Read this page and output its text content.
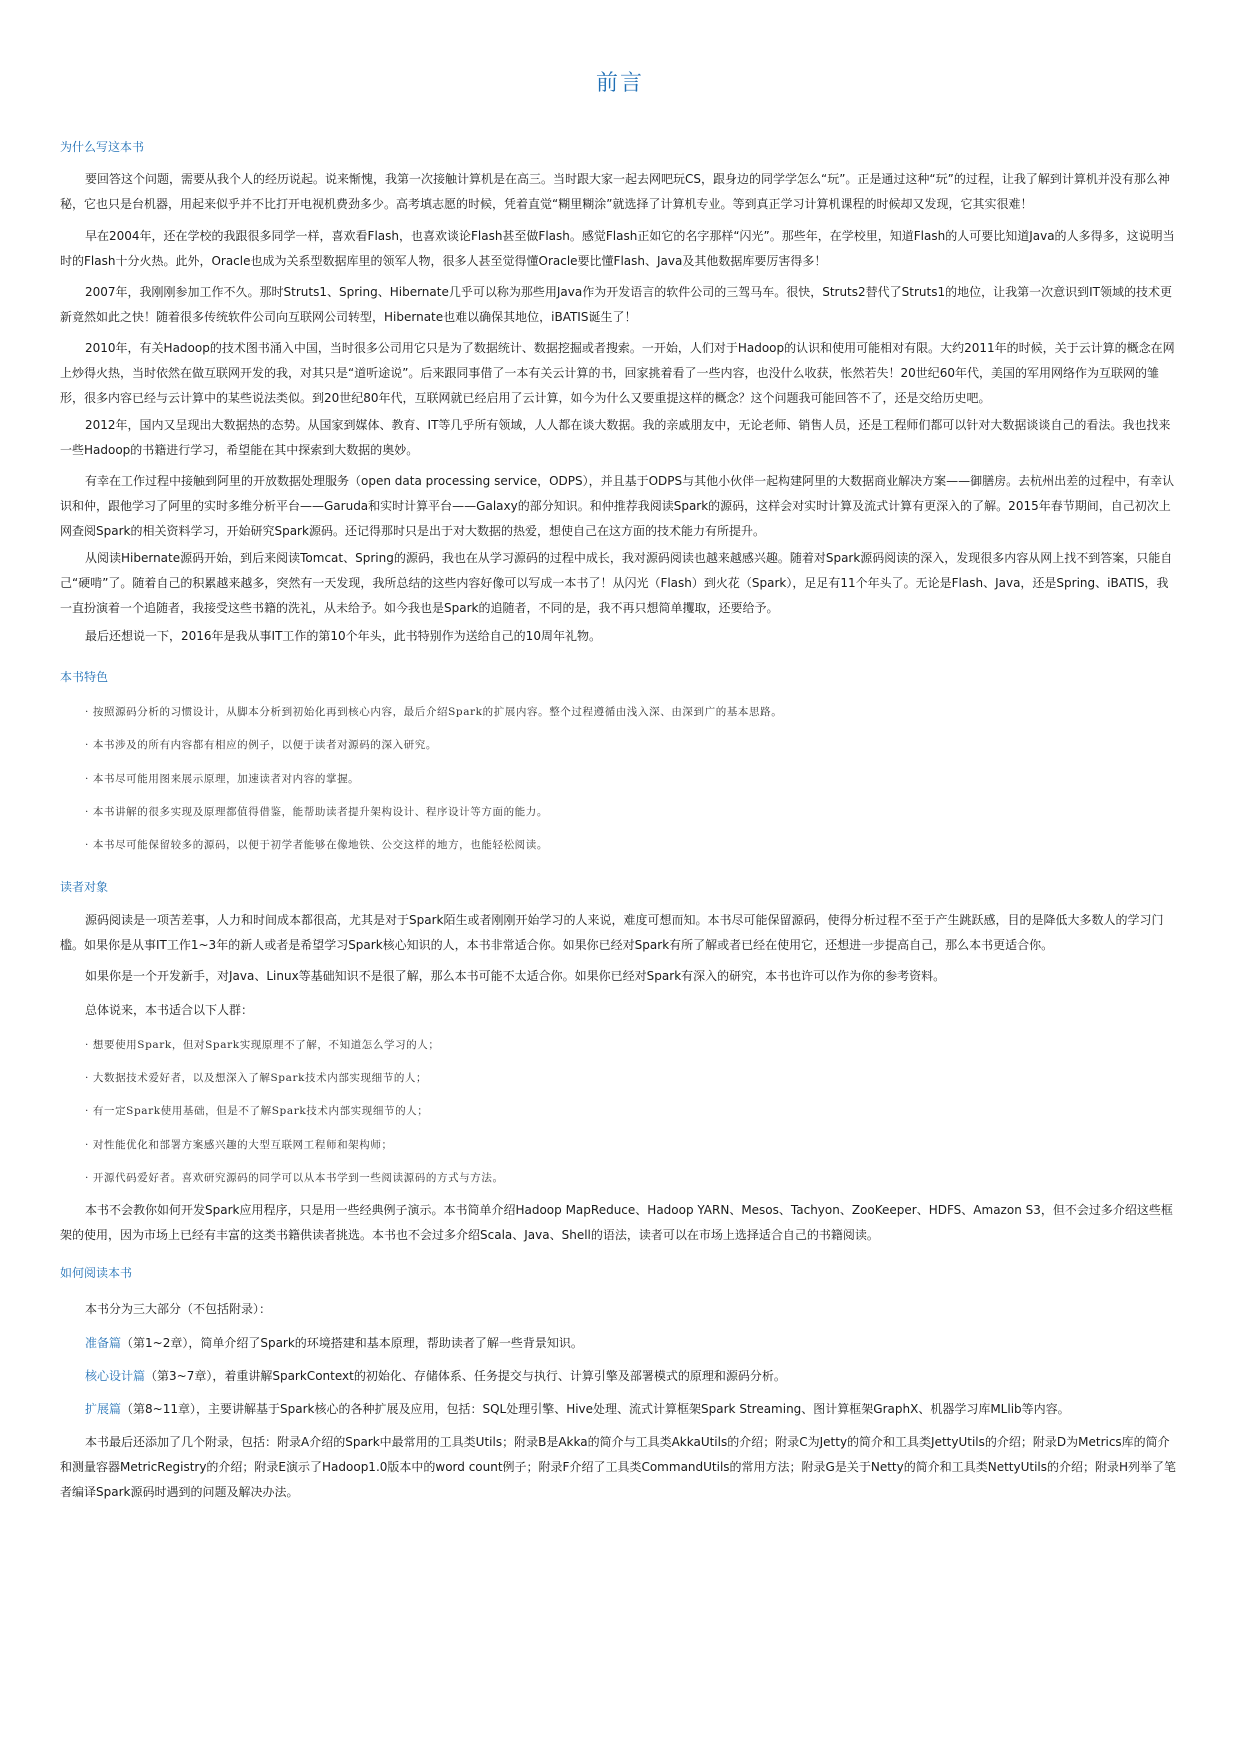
前言
为什么写这本书

要回答这个问题，需要从我个人的经历说起。说来惭愧，我第一次接触计算机是在高三。当时跟大家一起去网吧玩CS，跟身边的同学学怎么“玩”。正是通过这种“玩”的过程，让我了解到计算机并没有那么神秘，它也只是台机器，用起来似乎并不比打开电视机费劲多少。高考填志愿的时候，凭着直觉“糊里糊涂”就选择了计算机专业。等到真正学习计算机课程的时候却又发现，它其实很难！

早在2004年，还在学校的我跟很多同学一样，喜欢看Flash，也喜欢谈论Flash甚至做Flash。感觉Flash正如它的名字那样“闪光”。那些年，在学校里，知道Flash的人可要比知道Java的人多得多，这说明当时的Flash十分火热。此外，Oracle也成为关系型数据库里的领军人物，很多人甚至觉得懂Oracle要比懂Flash、Java及其他数据库要厉害得多！

2007年，我刚刚参加工作不久。那时Struts1、Spring、Hibernate几乎可以称为那些用Java作为开发语言的软件公司的三驾马车。很快，Struts2替代了Struts1的地位，让我第一次意识到IT领域的技术更新竟然如此之快！随着很多传统软件公司向互联网公司转型，Hibernate也难以确保其地位，iBATIS诞生了！

2010年，有关Hadoop的技术图书涌入中国，当时很多公司用它只是为了数据统计、数据挖掘或者搜索。一开始，人们对于Hadoop的认识和使用可能相对有限。大约2011年的时候，关于云计算的概念在网上炒得火热，当时依然在做互联网开发的我，对其只是“道听途说”。后来跟同事借了一本有关云计算的书，回家挑着看了一些内容，也没什么收获，怅然若失！20世纪60年代，美国的军用网络作为互联网的雏形，很多内容已经与云计算中的某些说法类似。到20世纪80年代，互联网就已经启用了云计算，如今为什么又要重提这样的概念？这个问题我可能回答不了，还是交给历史吧。

2012年，国内又呈现出大数据热的态势。从国家到媒体、教育、IT等几乎所有领域，人人都在谈大数据。我的亲戚朋友中，无论老师、销售人员，还是工程师们都可以针对大数据谈谈自己的看法。我也找来一些Hadoop的书籍进行学习，希望能在其中探索到大数据的奥妙。

有幸在工作过程中接触到阿里的开放数据处理服务（open data processing service，ODPS），并且基于ODPS与其他小伙伴一起构建阿里的大数据商业解决方案——御膳房。去杭州出差的过程中，有幸认识和仲，跟他学习了阿里的实时多维分析平台——Garuda和实时计算平台——Galaxy的部分知识。和仲推荐我阅读Spark的源码，这样会对实时计算及流式计算有更深入的了解。2015年春节期间，自己初次上网查阅Spark的相关资料学习，开始研究Spark源码。还记得那时只是出于对大数据的热爱，想使自己在这方面的技术能力有所提升。

从阅读Hibernate源码开始，到后来阅读Tomcat、Spring的源码，我也在从学习源码的过程中成长，我对源码阅读也越来越感兴趣。随着对Spark源码阅读的深入，发现很多内容从网上找不到答案，只能自己“硬啃”了。随着自己的积累越来越多，突然有一天发现，我所总结的这些内容好像可以写成一本书了！从闪光（Flash）到火花（Spark），足足有11个年头了。无论是Flash、Java，还是Spring、iBATIS，我一直扮演着一个追随者，我接受这些书籍的洗礼，从未给予。如今我也是Spark的追随者，不同的是，我不再只想简单攫取，还要给予。

最后还想说一下，2016年是我从事IT工作的第10个年头，此书特别作为送给自己的10周年礼物。

本书特色

· 按照源码分析的习惯设计，从脚本分析到初始化再到核心内容，最后介绍Spark的扩展内容。整个过程遵循由浅入深、由深到广的基本思路。

· 本书涉及的所有内容都有相应的例子，以便于读者对源码的深入研究。

· 本书尽可能用图来展示原理，加速读者对内容的掌握。

· 本书讲解的很多实现及原理都值得借鉴，能帮助读者提升架构设计、程序设计等方面的能力。

· 本书尽可能保留较多的源码，以便于初学者能够在像地铁、公交这样的地方，也能轻松阅读。

读者对象

源码阅读是一项苦差事，人力和时间成本都很高，尤其是对于Spark陌生或者刚刚开始学习的人来说，难度可想而知。本书尽可能保留源码，使得分析过程不至于产生跳跃感，目的是降低大多数人的学习门槛。如果你是从事IT工作1~3年的新人或者是希望学习Spark核心知识的人，本书非常适合你。如果你已经对Spark有所了解或者已经在使用它，还想进一步提高自己，那么本书更适合你。

如果你是一个开发新手，对Java、Linux等基础知识不是很了解，那么本书可能不太适合你。如果你已经对Spark有深入的研究，本书也许可以作为你的参考资料。

总体说来，本书适合以下人群：

· 想要使用Spark，但对Spark实现原理不了解，不知道怎么学习的人；

· 大数据技术爱好者，以及想深入了解Spark技术内部实现细节的人；

· 有一定Spark使用基础，但是不了解Spark技术内部实现细节的人；

· 对性能优化和部署方案感兴趣的大型互联网工程师和架构师；

· 开源代码爱好者。喜欢研究源码的同学可以从本书学到一些阅读源码的方式与方法。

本书不会教你如何开发Spark应用程序，只是用一些经典例子演示。本书简单介绍Hadoop MapReduce、Hadoop YARN、Mesos、Tachyon、ZooKeeper、HDFS、Amazon S3，但不会过多介绍这些框架的使用，因为市场上已经有丰富的这类书籍供读者挑选。本书也不会过多介绍Scala、Java、Shell的语法，读者可以在市场上选择适合自己的书籍阅读。

如何阅读本书

本书分为三大部分（不包括附录）：

准备篇（第1~2章），简单介绍了Spark的环境搭建和基本原理，帮助读者了解一些背景知识。

核心设计篇（第3~7章），着重讲解SparkContext的初始化、存储体系、任务提交与执行、计算引擎及部署模式的原理和源码分析。

扩展篇（第8~11章），主要讲解基于Spark核心的各种扩展及应用，包括：SQL处理引擎、Hive处理、流式计算框架Spark Streaming、图计算框架GraphX、机器学习库MLlib等内容。

本书最后还添加了几个附录，包括：附录A介绍的Spark中最常用的工具类Utils；附录B是Akka的简介与工具类AkkaUtils的介绍；附录C为Jetty的简介和工具类JettyUtils的介绍；附录D为Metrics库的简介和测量容器MetricRegistry的介绍；附录E演示了Hadoop1.0版本中的word count例子；附录F介绍了工具类CommandUtils的常用方法；附录G是关于Netty的简介和工具类NettyUtils的介绍；附录H列举了笔者编译Spark源码时遇到的问题及解决办法。
